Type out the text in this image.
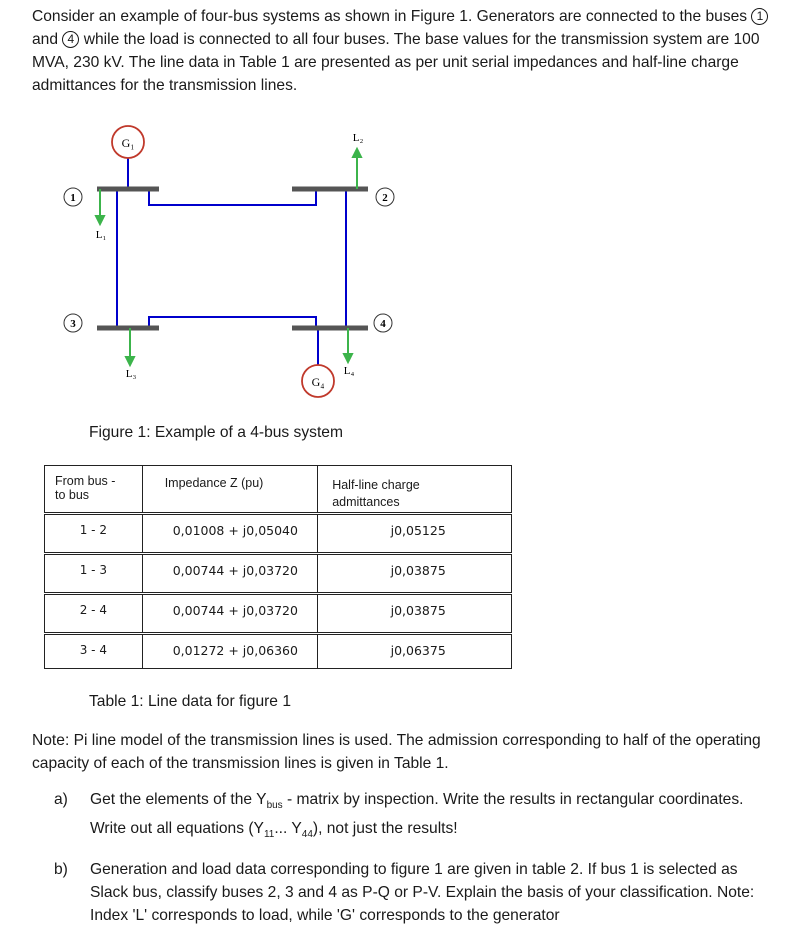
Consider an example of four-bus systems as shown in Figure 1. Generators are connected to the buses 1 and 4 while the load is connected to all four buses. The base values for the transmission system are 100 MVA, 230 kV. The line data in Table 1 are presented as per unit serial impedances and half-line charge admittances for the transmission lines.
G₁
G₄
L₁
L₂
L₃	L₄
1	2
3	4
Figure 1: Example of a 4-bus system
From bus -
to bus	Impedance Z (pu)	Half-line charge
admittances

1 - 2	0,01008 + j0,05040	j0,05125

1 - 3	0,00744 + j0,03720	j0,03875

2 - 4	0,00744 + j0,03720	j0,03875

3 - 4	0,01272 + j0,06360	j0,06375
Table 1: Line data for figure 1
Note: Pi line model of the transmission lines is used. The admission corresponding to half of the operating capacity of each of the transmission lines is given in Table 1.
a) Get the elements of the $Y_{bus}$ - matrix by inspection. Write the results in rectangular coordinates. Write out all equations ($Y_{11}$... $Y_{44}$), not just the results!
b) Generation and load data corresponding to figure 1 are given in table 2. If bus 1 is selected as Slack bus, classify buses 2, 3 and 4 as P-Q or P-V. Explain the basis of your classification. Note: Index 'L' corresponds to load, while 'G' corresponds to the generator
